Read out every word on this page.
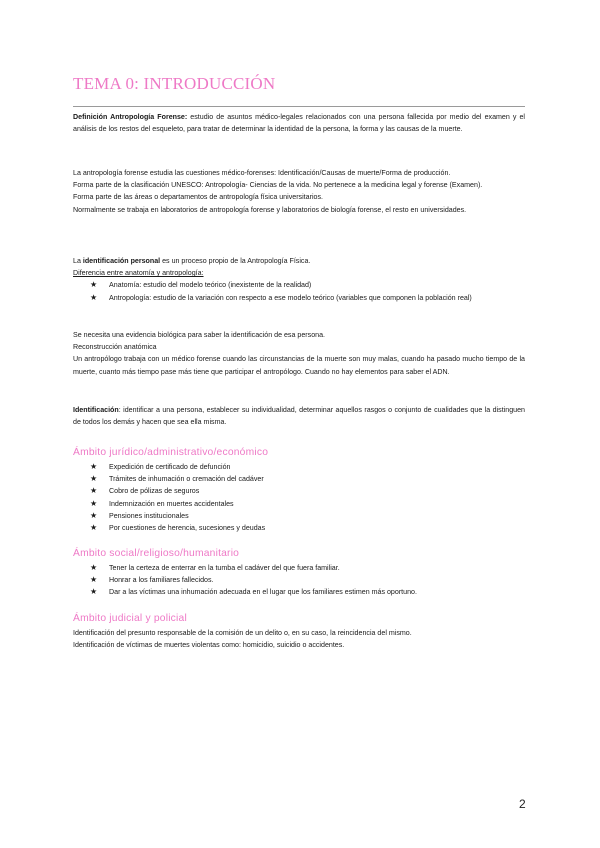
TEMA 0: INTRODUCCIÓN

Definición Antropología Forense: estudio de asuntos médico-legales relacionados con una persona fallecida por medio del examen y el análisis de los restos del esqueleto, para tratar de determinar la identidad de la persona, la forma y las causas de la muerte.

La antropología forense estudia las cuestiones médico-forenses: Identificación/Causas de muerte/Forma de producción.

Forma parte de la clasificación UNESCO: Antropología- Ciencias de la vida. No pertenece a la medicina legal y forense (Examen).

Forma parte de las áreas o departamentos de antropología física universitarios.

Normalmente se trabaja en laboratorios de antropología forense y laboratorios de biología forense, el resto en universidades.

La identificación personal es un proceso propio de la Antropología Física.

Diferencia entre anatomía y antropología:

★ Anatomía: estudio del modelo teórico (inexistente de la realidad)
★ Antropología: estudio de la variación con respecto a ese modelo teórico (variables que componen la población real)

Se necesita una evidencia biológica para saber la identificación de esa persona.

Reconstrucción anatómica

Un antropólogo trabaja con un médico forense cuando las circunstancias de la muerte son muy malas, cuando ha pasado mucho tiempo de la muerte, cuanto más tiempo pase más tiene que participar el antropólogo. Cuando no hay elementos para saber el ADN.

Identificación: identificar a una persona, establecer su individualidad, determinar aquellos rasgos o conjunto de cualidades que la distinguen de todos los demás y hacen que sea ella misma.

Ámbito jurídico/administrativo/económico
★ Expedición de certificado de defunción
★ Trámites de inhumación o cremación del cadáver
★ Cobro de pólizas de seguros
★ Indemnización en muertes accidentales
★ Pensiones institucionales
★ Por cuestiones de herencia, sucesiones y deudas
Ámbito social/religioso/humanitario
★ Tener la certeza de enterrar en la tumba el cadáver del que fuera familiar.
★ Honrar a los familiares fallecidos.
★ Dar a las víctimas una inhumación adecuada en el lugar que los familiares estimen más oportuno.
Ámbito judicial y policial

Identificación del presunto responsable de la comisión de un delito o, en su caso, la reincidencia del mismo.

Identificación de víctimas de muertes violentas como: homicidio, suicidio o accidentes.

2
